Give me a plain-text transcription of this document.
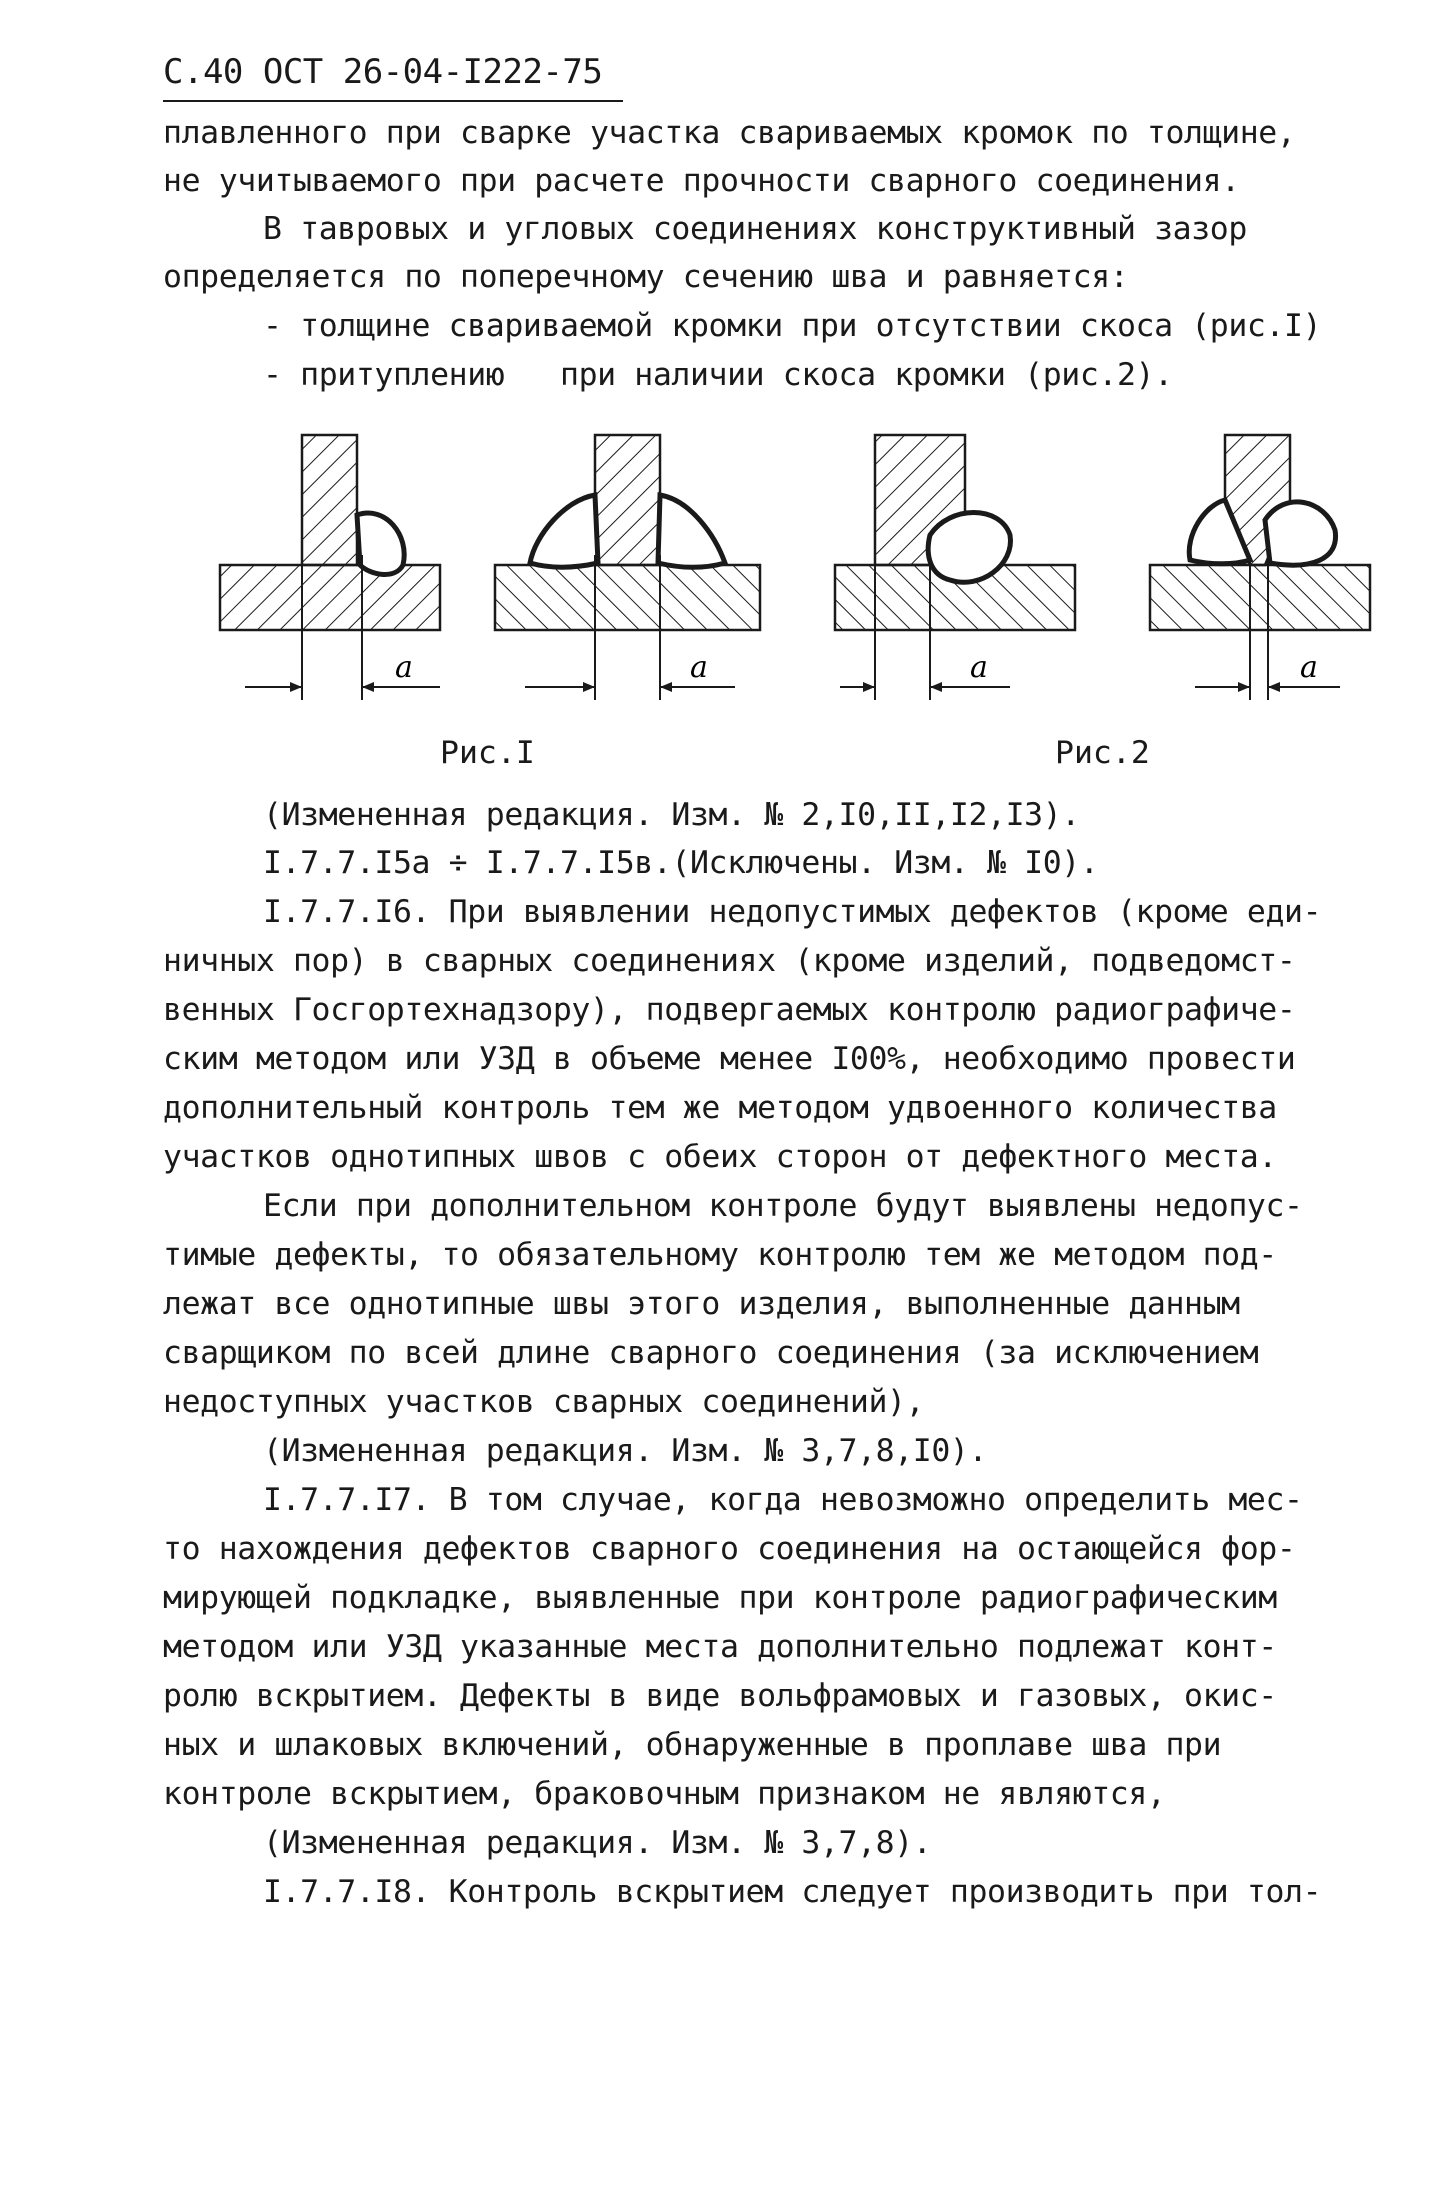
С.40 ОСТ 26-04-I222-75
плавленного при сварке участка свариваемых кромок по толщине,
не учитываемого при расчете прочности сварного соединения.
В тавровых и угловых соединениях конструктивный зазор
определяется по поперечному сечению шва и равняется:
- толщине свариваемой кромки при отсутствии скоса (рис.I)
- притуплению   при наличии скоса кромки (рис.2).
a	a	a	a
Рис.I	Рис.2
(Измененная редакция. Изм. № 2,I0,II,I2,I3).
I.7.7.I5а ÷ I.7.7.I5в.(Исключены. Изм. № I0).
I.7.7.I6. При выявлении недопустимых дефектов (кроме еди-
ничных пор) в сварных соединениях (кроме изделий, подведомст-
венных Госгортехнадзору), подвергаемых контролю радиографиче-
ским методом или УЗД в объеме менее I00%, необходимо провести
дополнительный контроль тем же методом удвоенного количества
участков однотипных швов с обеих сторон от дефектного места.
Если при дополнительном контроле будут выявлены недопус-
тимые дефекты, то обязательному контролю тем же методом под-
лежат все однотипные швы этого изделия, выполненные данным
сварщиком по всей длине сварного соединения (за исключением
недоступных участков сварных соединений),
(Измененная редакция. Изм. № 3,7,8,I0).
I.7.7.I7. В том случае, когда невозможно определить мес-
то нахождения дефектов сварного соединения на остающейся фор-
мирующей подкладке, выявленные при контроле радиографическим
методом или УЗД указанные места дополнительно подлежат конт-
ролю вскрытием. Дефекты в виде вольфрамовых и газовых, окис-
ных и шлаковых включений, обнаруженные в проплаве шва при
контроле вскрытием, браковочным признаком не являются,
(Измененная редакция. Изм. № 3,7,8).
I.7.7.I8. Контроль вскрытием следует производить при тол-
